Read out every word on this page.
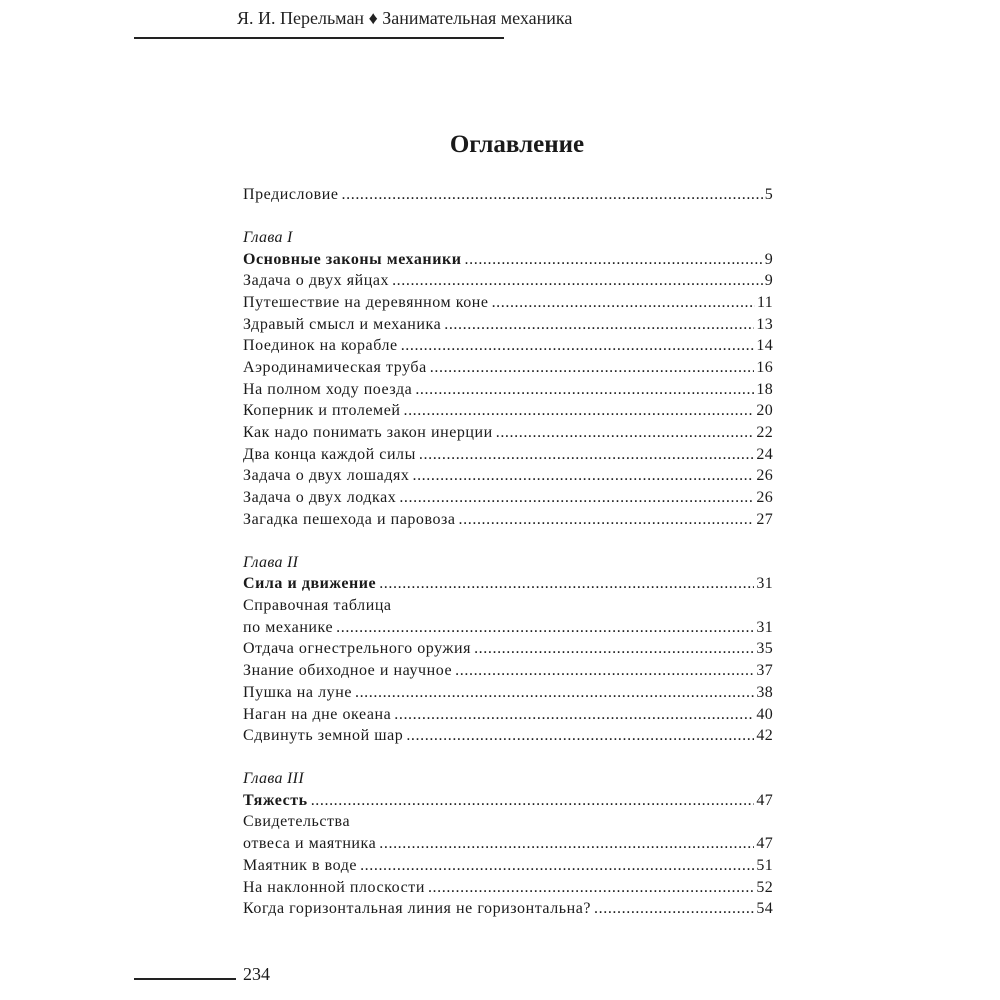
Я. И. Перельман ♦ Занимательная механика
Оглавление
Предисловие .....	5
Глава I
Основные законы механики .....	9
Задача о двух яйцах .....	9
Путешествие на деревянном коне .....	11
Здравый смысл и механика .....	13
Поединок на корабле .....	14
Аэродинамическая труба .....	16
На полном ходу поезда .....	18
Коперник и птолемей .....	20
Как надо понимать закон инерции .....	22
Два конца каждой силы .....	24
Задача о двух лошадях .....	26
Задача о двух лодках .....	26
Загадка пешехода и паровоза .....	27
Глава II
Сила и движение .....	31
Справочная таблица
по механике .....	31
Отдача огнестрельного оружия .....	35
Знание обиходное и научное .....	37
Пушка на луне .....	38
Наган на дне океана .....	40
Сдвинуть земной шар .....	42
Глава III
Тяжесть .....	47
Свидетельства
отвеса и маятника .....	47
Маятник в воде .....	51
На наклонной плоскости .....	52
Когда горизонтальная линия не горизонтальна? .....	54
234
